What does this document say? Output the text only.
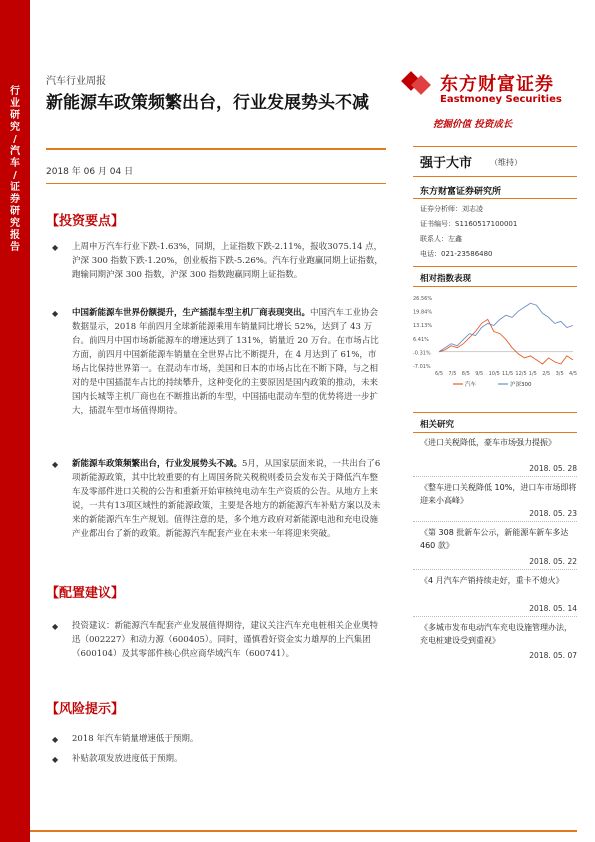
行
业
研
究
/
汽
车
/
证
券
研
究
报
告
汽车行业周报
新能源车政策频繁出台，行业发展势头不减
2018 年 06 月 04 日
【投资要点】
◆ 上周申万汽车行业下跌-1.63%，同期，上证指数下跌-2.11%，报收3075.14 点，沪深 300 指数下跌-1.20%，创业板指下跌-5.26%。汽车行业跑赢同期上证指数，跑输同期沪深 300 指数，沪深 300 指数跑赢同期上证指数。
◆ 中国新能源车世界份额提升，生产插混车型主机厂商表现突出。中国汽车工业协会数据显示，2018 年前四月全球新能源乘用车销量同比增长 52%，达到了 43 万台。前四月中国市场新能源车的增速达到了 131%，销量近 20 万台。在市场占比方面，前四月中国新能源车销量在全世界占比不断提升，在 4 月达到了 61%，市场占比保持世界第一。在混动车市场，美国和日本的市场占比在不断下降，与之相对的是中国插混车占比的持续攀升，这种变化的主要原因是国内政策的推动，未来国内长城等主机厂商也在不断推出新的车型，中国插电混动车型的优势将进一步扩大，插混车型市场值得期待。
◆ 新能源车政策频繁出台，行业发展势头不减。5月，从国家层面来说，一共出台了6项新能源政策，其中比较重要的有上周国务院关税税则委员会发布关于降低汽车整车及零部件进口关税的公告和重新开始审核纯电动车生产资质的公告。从地方上来说，一共有13项区域性的新能源政策，主要是各地方的新能源汽车补贴方案以及未来的新能源汽车生产规划。值得注意的是，多个地方政府对新能源电池和充电设施产业都出台了新的政策。新能源汽车配套产业在未来一年将迎来突破。
【配置建议】
◆ 投资建议：新能源汽车配套产业发展值得期待，建议关注汽车充电桩相关企业奥特迅（002227）和动力源（600405）。同时，谨慎看好资金实力雄厚的上汽集团（600104）及其零部件核心供应商华域汽车（600741）。
【风险提示】
◆ 2018 年汽车销量增速低于预期。
◆ 补贴款项发放进度低于预期。
东方财富证券
Eastmoney Securities
挖掘价值 投资成长
强于大市 （维持）
东方财富证券研究所
证券分析师：刘志凌
证书编号：S1160517100001
联系人：左鑫
电话：021-23586480
相对指数表现
26.56%
19.84%
13.13%
6.41%
-0.31%
-7.01%
6/5 7/5 8/5 9/5 10/5 11/5 12/5 1/5 2/5 3/5 4/5
汽车	沪深300
相关研究
《进口关税降低，豪车市场强力提振》
2018. 05. 28
《整车进口关税降低 10%，进口车市场即将迎来小高峰》
2018. 05. 23
《第 308 批新车公示，新能源车新车多达460 款》
2018. 05. 22
《4 月汽车产销持续走好，重卡不熄火》
2018. 05. 14
《多城市发布电动汽车充电设施管理办法，充电桩建设受到重视》
2018. 05. 07
